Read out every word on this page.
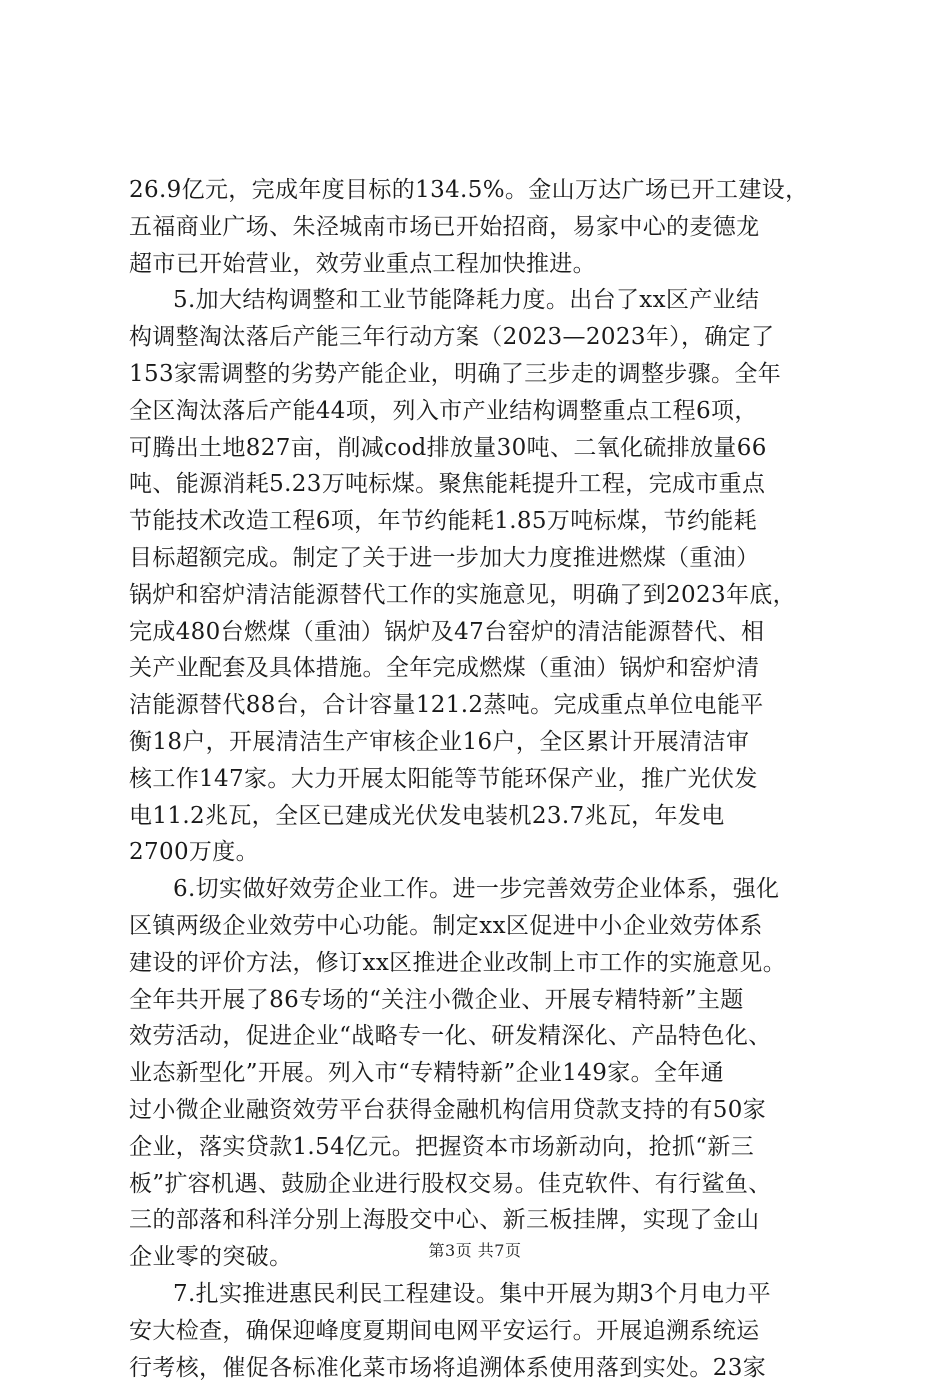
26.9亿元，完成年度目标的134.5%。金山万达广场已开工建设，
五福商业广场、朱泾城南市场已开始招商，易家中心的麦德龙
超市已开始营业，效劳业重点工程加快推进。
5.加大结构调整和工业节能降耗力度。出台了xx区产业结
构调整淘汰落后产能三年行动方案（2023—2023年），确定了
153家需调整的劣势产能企业，明确了三步走的调整步骤。全年
全区淘汰落后产能44项，列入市产业结构调整重点工程6项，
可腾出土地827亩，削减cod排放量30吨、二氧化硫排放量66
吨、能源消耗5.23万吨标煤。聚焦能耗提升工程，完成市重点
节能技术改造工程6项，年节约能耗1.85万吨标煤，节约能耗
目标超额完成。制定了关于进一步加大力度推进燃煤（重油）
锅炉和窑炉清洁能源替代工作的实施意见，明确了到2023年底，
完成480台燃煤（重油）锅炉及47台窑炉的清洁能源替代、相
关产业配套及具体措施。全年完成燃煤（重油）锅炉和窑炉清
洁能源替代88台，合计容量121.2蒸吨。完成重点单位电能平
衡18户，开展清洁生产审核企业16户，全区累计开展清洁审
核工作147家。大力开展太阳能等节能环保产业，推广光伏发
电11.2兆瓦，全区已建成光伏发电装机23.7兆瓦，年发电
2700万度。
6.切实做好效劳企业工作。进一步完善效劳企业体系，强化
区镇两级企业效劳中心功能。制定xx区促进中小企业效劳体系
建设的评价方法，修订xx区推进企业改制上市工作的实施意见。
全年共开展了86专场的“关注小微企业、开展专精特新”主题
效劳活动，促进企业“战略专一化、研发精深化、产品特色化、
业态新型化”开展。列入市“专精特新”企业149家。全年通
过小微企业融资效劳平台获得金融机构信用贷款支持的有50家
企业，落实贷款1.54亿元。把握资本市场新动向，抢抓“新三
板”扩容机遇、鼓励企业进行股权交易。佳克软件、有行鲨鱼、
三的部落和科洋分别上海股交中心、新三板挂牌，实现了金山
企业零的突破。
7.扎实推进惠民利民工程建设。集中开展为期3个月电力平
安大检查，确保迎峰度夏期间电网平安运行。开展追溯系统运
行考核，催促各标准化菜市场将追溯体系使用落到实处。23家
第3页 共7页
